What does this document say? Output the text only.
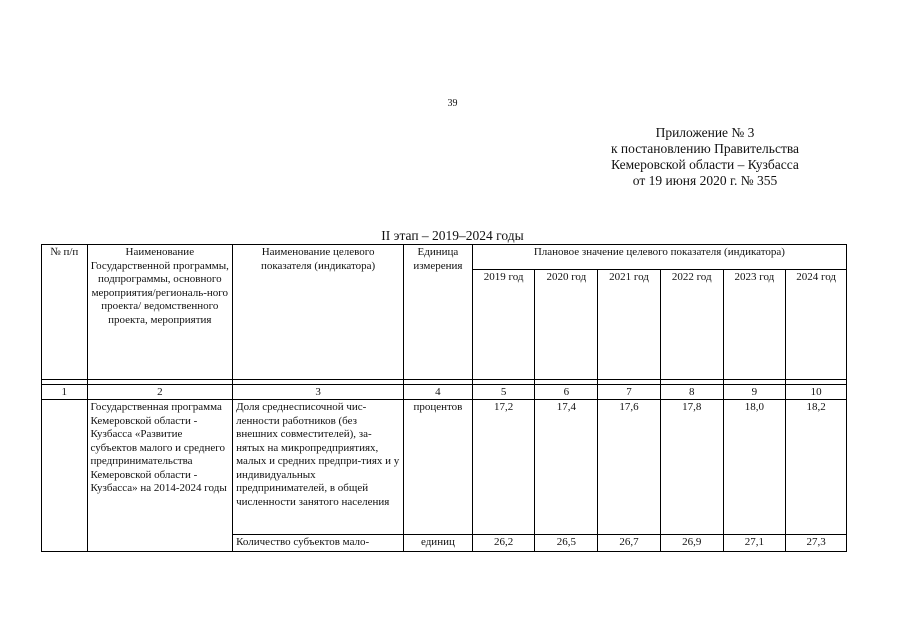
39
Приложение № 3
к постановлению Правительства
Кемеровской области – Кузбасса
от 19 июня 2020 г. № 355
II этап – 2019–2024 годы
№ п/п	Наименование Государственной программы, подпрограммы, основного мероприятия/региональ-ного проекта/ ведомственного проекта, мероприятия	Наименование целевого показателя (индикатора)	Единица измерения	Плановое значение целевого показателя (индикатора)					
				2019 год	2020 год	2021 год	2022 год	2023 год	2024 год

1	2	3	4	5	6	7	8	9	10
	Государственная программа Кемеровской области - Кузбасса «Развитие субъектов малого и среднего предпринимательства Кемеровской области - Кузбасса» на 2014-2024 годы	Доля среднесписочной чис-ленности работников (без внешних совместителей), за-нятых на микропредприятиях, малых и средних предпри-тиях и у индивидуальных предпринимателей, в общей численности занятого населения	процентов	17,2	17,4	17,6	17,8	18,0	18,2
		Количество субъектов мало-	единиц	26,2	26,5	26,7	26,9	27,1	27,3
